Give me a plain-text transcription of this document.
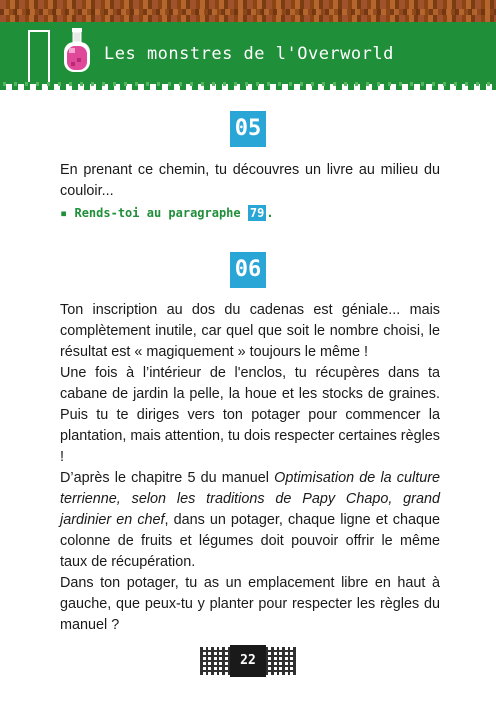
Les monstres de l'Overworld
05

En prenant ce chemin, tu découvres un livre au milieu du couloir...

▪ Rends-toi au paragraphe 79 .
06

Ton inscription au dos du cadenas est géniale... mais complètement inutile, car quel que soit le nombre choisi, le résultat est « magiquement » toujours le même !

Une fois à l’intérieur de l'enclos, tu récupères dans ta cabane de jardin la pelle, la houe et les stocks de graines. Puis tu te diriges vers ton potager pour commencer la plantation, mais attention, tu dois respecter certaines règles !

D’après le chapitre 5 du manuel Optimisation de la culture terrienne, selon les traditions de Papy Chapo, grand jardinier en chef, dans un potager, chaque ligne et chaque colonne de fruits et légumes doit pouvoir offrir le même taux de récupération.

Dans ton potager, tu as un emplacement libre en haut à gauche, que peux-tu y planter pour respecter les règles du manuel ?

22
